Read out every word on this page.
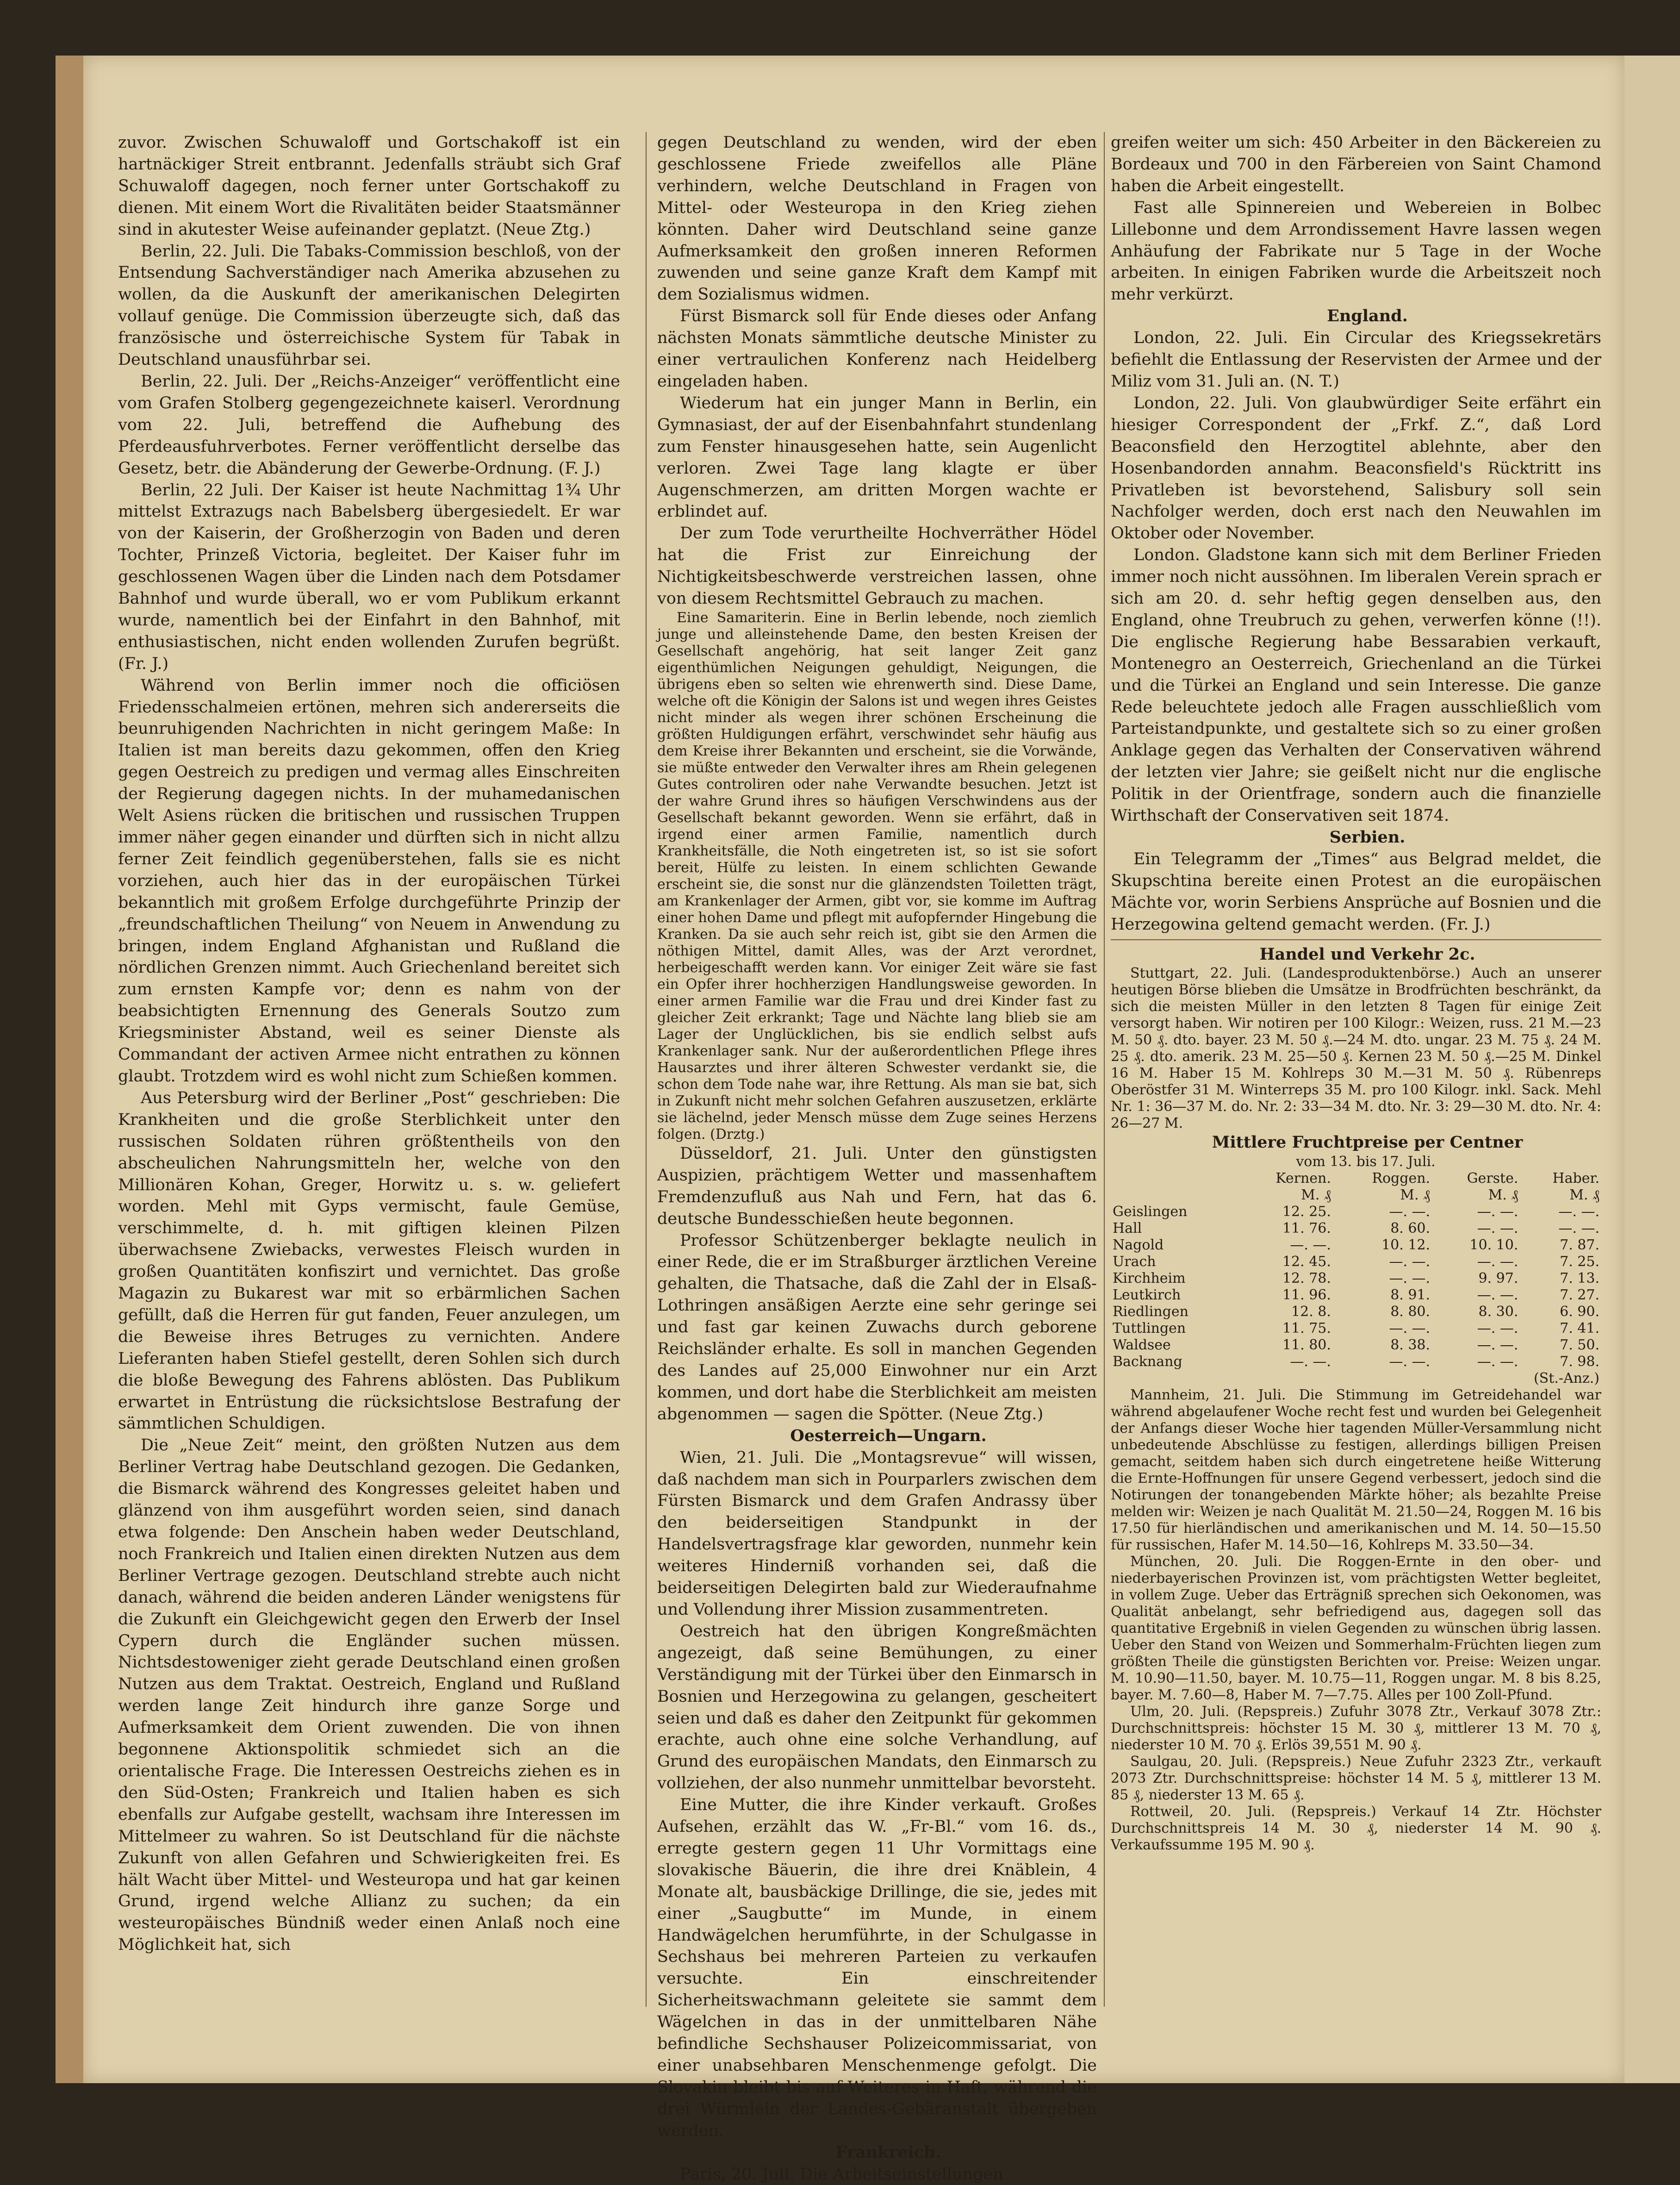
zuvor. Zwischen Schuwaloff und Gortschakoff ist ein hartnäckiger Streit entbrannt. Jedenfalls sträubt sich Graf Schuwaloff dagegen, noch ferner unter Gortschakoff zu dienen. Mit einem Wort die Rivalitäten beider Staatsmänner sind in akutester Weise aufeinander geplatzt. (Neue Ztg.)

Berlin, 22. Juli. Die Tabaks-Commission beschloß, von der Entsendung Sachverständiger nach Amerika abzusehen zu wollen, da die Auskunft der amerikanischen Delegirten vollauf genüge. Die Commission überzeugte sich, daß das französische und österreichische System für Tabak in Deutschland unausführbar sei.

Berlin, 22. Juli. Der „Reichs-Anzeiger“ veröffentlicht eine vom Grafen Stolberg gegengezeichnete kaiserl. Verordnung vom 22. Juli, betreffend die Aufhebung des Pferdeausfuhrverbotes. Ferner veröffentlicht derselbe das Gesetz, betr. die Abänderung der Gewerbe-Ordnung. (F. J.)

Berlin, 22 Juli. Der Kaiser ist heute Nachmittag 1¾ Uhr mittelst Extrazugs nach Babelsberg übergesiedelt. Er war von der Kaiserin, der Großherzogin von Baden und deren Tochter, Prinzeß Victoria, begleitet. Der Kaiser fuhr im geschlossenen Wagen über die Linden nach dem Potsdamer Bahnhof und wurde überall, wo er vom Publikum erkannt wurde, namentlich bei der Einfahrt in den Bahnhof, mit enthusiastischen, nicht enden wollenden Zurufen begrüßt. (Fr. J.)

Während von Berlin immer noch die officiösen Friedensschalmeien ertönen, mehren sich andererseits die beunruhigenden Nachrichten in nicht geringem Maße: In Italien ist man bereits dazu gekommen, offen den Krieg gegen Oestreich zu predigen und vermag alles Einschreiten der Regierung dagegen nichts. In der muhamedanischen Welt Asiens rücken die britischen und russischen Truppen immer näher gegen einander und dürften sich in nicht allzu ferner Zeit feindlich gegenüberstehen, falls sie es nicht vorziehen, auch hier das in der europäischen Türkei bekanntlich mit großem Erfolge durchgeführte Prinzip der „freundschaftlichen Theilung“ von Neuem in Anwendung zu bringen, indem England Afghanistan und Rußland die nördlichen Grenzen nimmt. Auch Griechenland bereitet sich zum ernsten Kampfe vor; denn es nahm von der beabsichtigten Ernennung des Generals Soutzo zum Kriegsminister Abstand, weil es seiner Dienste als Commandant der activen Armee nicht entrathen zu können glaubt. Trotzdem wird es wohl nicht zum Schießen kommen.

Aus Petersburg wird der Berliner „Post“ geschrieben: Die Krankheiten und die große Sterblichkeit unter den russischen Soldaten rühren größtentheils von den abscheulichen Nahrungsmitteln her, welche von den Millionären Kohan, Greger, Horwitz u. s. w. geliefert worden. Mehl mit Gyps vermischt, faule Gemüse, verschimmelte, d. h. mit giftigen kleinen Pilzen überwachsene Zwiebacks, verwestes Fleisch wurden in großen Quantitäten konfiszirt und vernichtet. Das große Magazin zu Bukarest war mit so erbärmlichen Sachen gefüllt, daß die Herren für gut fanden, Feuer anzulegen, um die Beweise ihres Betruges zu vernichten. Andere Lieferanten haben Stiefel gestellt, deren Sohlen sich durch die bloße Bewegung des Fahrens ablösten. Das Publikum erwartet in Entrüstung die rücksichtslose Bestrafung der sämmtlichen Schuldigen.

Die „Neue Zeit“ meint, den größten Nutzen aus dem Berliner Vertrag habe Deutschland gezogen. Die Gedanken, die Bismarck während des Kongresses geleitet haben und glänzend von ihm ausgeführt worden seien, sind danach etwa folgende: Den Anschein haben weder Deutschland, noch Frankreich und Italien einen direkten Nutzen aus dem Berliner Vertrage gezogen. Deutschland strebte auch nicht danach, während die beiden anderen Länder wenigstens für die Zukunft ein Gleichgewicht gegen den Erwerb der Insel Cypern durch die Engländer suchen müssen. Nichtsdestoweniger zieht gerade Deutschland einen großen Nutzen aus dem Traktat. Oestreich, England und Rußland werden lange Zeit hindurch ihre ganze Sorge und Aufmerksamkeit dem Orient zuwenden. Die von ihnen begonnene Aktionspolitik schmiedet sich an die orientalische Frage. Die Interessen Oestreichs ziehen es in den Süd-Osten; Frankreich und Italien haben es sich ebenfalls zur Aufgabe gestellt, wachsam ihre Interessen im Mittelmeer zu wahren. So ist Deutschland für die nächste Zukunft von allen Gefahren und Schwierigkeiten frei. Es hält Wacht über Mittel- und Westeuropa und hat gar keinen Grund, irgend welche Allianz zu suchen; da ein westeuropäisches Bündniß weder einen Anlaß noch eine Möglichkeit hat, sich

gegen Deutschland zu wenden, wird der eben geschlossene Friede zweifellos alle Pläne verhindern, welche Deutschland in Fragen von Mittel- oder Westeuropa in den Krieg ziehen könnten. Daher wird Deutschland seine ganze Aufmerksamkeit den großen inneren Reformen zuwenden und seine ganze Kraft dem Kampf mit dem Sozialismus widmen.

Fürst Bismarck soll für Ende dieses oder Anfang nächsten Monats sämmtliche deutsche Minister zu einer vertraulichen Konferenz nach Heidelberg eingeladen haben.

Wiederum hat ein junger Mann in Berlin, ein Gymnasiast, der auf der Eisenbahnfahrt stundenlang zum Fenster hinausgesehen hatte, sein Augenlicht verloren. Zwei Tage lang klagte er über Augenschmerzen, am dritten Morgen wachte er erblindet auf.

Der zum Tode verurtheilte Hochverräther Hödel hat die Frist zur Einreichung der Nichtigkeitsbeschwerde verstreichen lassen, ohne von diesem Rechtsmittel Gebrauch zu machen.

Eine Samariterin. Eine in Berlin lebende, noch ziemlich junge und alleinstehende Dame, den besten Kreisen der Gesellschaft angehörig, hat seit langer Zeit ganz eigenthümlichen Neigungen gehuldigt, Neigungen, die übrigens eben so selten wie ehrenwerth sind. Diese Dame, welche oft die Königin der Salons ist und wegen ihres Geistes nicht minder als wegen ihrer schönen Erscheinung die größten Huldigungen erfährt, verschwindet sehr häufig aus dem Kreise ihrer Bekannten und erscheint, sie die Vorwände, sie müßte entweder den Verwalter ihres am Rhein gelegenen Gutes controliren oder nahe Verwandte besuchen. Jetzt ist der wahre Grund ihres so häufigen Verschwindens aus der Gesellschaft bekannt geworden. Wenn sie erfährt, daß in irgend einer armen Familie, namentlich durch Krankheitsfälle, die Noth eingetreten ist, so ist sie sofort bereit, Hülfe zu leisten. In einem schlichten Gewande erscheint sie, die sonst nur die glänzendsten Toiletten trägt, am Krankenlager der Armen, gibt vor, sie komme im Auftrag einer hohen Dame und pflegt mit aufopfernder Hingebung die Kranken. Da sie auch sehr reich ist, gibt sie den Armen die nöthigen Mittel, damit Alles, was der Arzt verordnet, herbeigeschafft werden kann. Vor einiger Zeit wäre sie fast ein Opfer ihrer hochherzigen Handlungsweise geworden. In einer armen Familie war die Frau und drei Kinder fast zu gleicher Zeit erkrankt; Tage und Nächte lang blieb sie am Lager der Unglücklichen, bis sie endlich selbst aufs Krankenlager sank. Nur der außerordentlichen Pflege ihres Hausarztes und ihrer älteren Schwester verdankt sie, die schon dem Tode nahe war, ihre Rettung. Als man sie bat, sich in Zukunft nicht mehr solchen Gefahren auszusetzen, erklärte sie lächelnd, jeder Mensch müsse dem Zuge seines Herzens folgen. (Drztg.)

Düsseldorf, 21. Juli. Unter den günstigsten Auspizien, prächtigem Wetter und massenhaftem Fremdenzufluß aus Nah und Fern, hat das 6. deutsche Bundesschießen heute begonnen.

Professor Schützenberger beklagte neulich in einer Rede, die er im Straßburger ärztlichen Vereine gehalten, die Thatsache, daß die Zahl der in Elsaß-Lothringen ansäßigen Aerzte eine sehr geringe sei und fast gar keinen Zuwachs durch geborene Reichsländer erhalte. Es soll in manchen Gegenden des Landes auf 25,000 Einwohner nur ein Arzt kommen, und dort habe die Sterblichkeit am meisten abgenommen — sagen die Spötter. (Neue Ztg.)

Oesterreich—Ungarn.

Wien, 21. Juli. Die „Montagsrevue“ will wissen, daß nachdem man sich in Pourparlers zwischen dem Fürsten Bismarck und dem Grafen Andrassy über den beiderseitigen Standpunkt in der Handelsvertragsfrage klar geworden, nunmehr kein weiteres Hinderniß vorhanden sei, daß die beiderseitigen Delegirten bald zur Wiederaufnahme und Vollendung ihrer Mission zusammentreten.

Oestreich hat den übrigen Kongreßmächten angezeigt, daß seine Bemühungen, zu einer Verständigung mit der Türkei über den Einmarsch in Bosnien und Herzegowina zu gelangen, gescheitert seien und daß es daher den Zeitpunkt für gekommen erachte, auch ohne eine solche Verhandlung, auf Grund des europäischen Mandats, den Einmarsch zu vollziehen, der also nunmehr unmittelbar bevorsteht.

Eine Mutter, die ihre Kinder verkauft. Großes Aufsehen, erzählt das W. „Fr-Bl.“ vom 16. ds., erregte gestern gegen 11 Uhr Vormittags eine slovakische Bäuerin, die ihre drei Knäblein, 4 Monate alt, bausbäckige Drillinge, die sie, jedes mit einer „Saugbutte“ im Munde, in einem Handwägelchen herumführte, in der Schulgasse in Sechshaus bei mehreren Parteien zu verkaufen versuchte. Ein einschreitender Sicherheitswachmann geleitete sie sammt dem Wägelchen in das in der unmittelbaren Nähe befindliche Sechshauser Polizeicommissariat, von einer unabsehbaren Menschenmenge gefolgt. Die Slovakin bleibt bis auf Weiteres in Haft, während die drei Würmlein der Landes-Gebäranstalt übergeben werden.

Frankreich.

Paris, 20. Juli. Die Arbeitseinstellungen

greifen weiter um sich: 450 Arbeiter in den Bäckereien zu Bordeaux und 700 in den Färbereien von Saint Chamond haben die Arbeit eingestellt.

Fast alle Spinnereien und Webereien in Bolbec Lillebonne und dem Arrondissement Havre lassen wegen Anhäufung der Fabrikate nur 5 Tage in der Woche arbeiten. In einigen Fabriken wurde die Arbeitszeit noch mehr verkürzt.

England.

London, 22. Juli. Ein Circular des Kriegssekretärs befiehlt die Entlassung der Reservisten der Armee und der Miliz vom 31. Juli an. (N. T.)

London, 22. Juli. Von glaubwürdiger Seite erfährt ein hiesiger Correspondent der „Frkf. Z.“, daß Lord Beaconsfield den Herzogtitel ablehnte, aber den Hosenbandorden annahm. Beaconsfield's Rücktritt ins Privatleben ist bevorstehend, Salisbury soll sein Nachfolger werden, doch erst nach den Neuwahlen im Oktober oder November.

London. Gladstone kann sich mit dem Berliner Frieden immer noch nicht aussöhnen. Im liberalen Verein sprach er sich am 20. d. sehr heftig gegen denselben aus, den England, ohne Treubruch zu gehen, verwerfen könne (!!). Die englische Regierung habe Bessarabien verkauft, Montenegro an Oesterreich, Griechenland an die Türkei und die Türkei an England und sein Interesse. Die ganze Rede beleuchtete jedoch alle Fragen ausschließlich vom Parteistandpunkte, und gestaltete sich so zu einer großen Anklage gegen das Verhalten der Conservativen während der letzten vier Jahre; sie geißelt nicht nur die englische Politik in der Orientfrage, sondern auch die finanzielle Wirthschaft der Conservativen seit 1874.

Serbien.

Ein Telegramm der „Times“ aus Belgrad meldet, die Skupschtina bereite einen Protest an die europäischen Mächte vor, worin Serbiens Ansprüche auf Bosnien und die Herzegowina geltend gemacht werden. (Fr. J.)

Handel und Verkehr 2c.

Stuttgart, 22. Juli. (Landesproduktenbörse.) Auch an unserer heutigen Börse blieben die Umsätze in Brodfrüchten beschränkt, da sich die meisten Müller in den letzten 8 Tagen für einige Zeit versorgt haben. Wir notiren per 100 Kilogr.: Weizen, russ. 21 M.—23 M. 50 ₰. dto. bayer. 23 M. 50 ₰.—24 M. dto. ungar. 23 M. 75 ₰. 24 M. 25 ₰. dto. amerik. 23 M. 25—50 ₰. Kernen 23 M. 50 ₰.—25 M. Dinkel 16 M. Haber 15 M. Kohlreps 30 M.—31 M. 50 ₰. Rübenreps Oberöstfer 31 M. Winterreps 35 M. pro 100 Kilogr. inkl. Sack. Mehl Nr. 1: 36—37 M. do. Nr. 2: 33—34 M. dto. Nr. 3: 29—30 M. dto. Nr. 4: 26—27 M.

Mittlere Fruchtpreise per Centner

vom 13. bis 17. Juli.

	Kernen.	Roggen.	Gerste.	Haber.
	M. ₰	M. ₰	M. ₰	M. ₰
Geislingen	12. 25.	—. —.	—. —.	—. —.
Hall	11. 76.	8. 60.	—. —.	—. —.
Nagold	—. —.	10. 12.	10. 10.	7. 87.
Urach	12. 45.	—. —.	—. —.	7. 25.
Kirchheim	12. 78.	—. —.	9. 97.	7. 13.
Leutkirch	11. 96.	8. 91.	—. —.	7. 27.
Riedlingen	12. 8.	8. 80.	8. 30.	6. 90.
Tuttlingen	11. 75.	—. —.	—. —.	7. 41.
Waldsee	11. 80.	8. 38.	—. —.	7. 50.
Backnang	—. —.	—. —.	—. —.	7. 98.
(St.-Anz.)				

Mannheim, 21. Juli. Die Stimmung im Getreidehandel war während abgelaufener Woche recht fest und wurden bei Gelegenheit der Anfangs dieser Woche hier tagenden Müller-Versammlung nicht unbedeutende Abschlüsse zu festigen, allerdings billigen Preisen gemacht, seitdem haben sich durch eingetretene heiße Witterung die Ernte-Hoffnungen für unsere Gegend verbessert, jedoch sind die Notirungen der tonangebenden Märkte höher; als bezahlte Preise melden wir: Weizen je nach Qualität M. 21.50—24, Roggen M. 16 bis 17.50 für hierländischen und amerikanischen und M. 14. 50—15.50 für russischen, Hafer M. 14.50—16, Kohlreps M. 33.50—34.

München, 20. Juli. Die Roggen-Ernte in den ober- und niederbayerischen Provinzen ist, vom prächtigsten Wetter begleitet, in vollem Zuge. Ueber das Erträgniß sprechen sich Oekonomen, was Qualität anbelangt, sehr befriedigend aus, dagegen soll das quantitative Ergebniß in vielen Gegenden zu wünschen übrig lassen. Ueber den Stand von Weizen und Sommerhalm-Früchten liegen zum größten Theile die günstigsten Berichten vor. Preise: Weizen ungar. M. 10.90—11.50, bayer. M. 10.75—11, Roggen ungar. M. 8 bis 8.25, bayer. M. 7.60—8, Haber M. 7—7.75. Alles per 100 Zoll-Pfund.

Ulm, 20. Juli. (Repspreis.) Zufuhr 3078 Ztr., Verkauf 3078 Ztr.: Durchschnittspreis: höchster 15 M. 30 ₰, mittlerer 13 M. 70 ₰, niederster 10 M. 70 ₰. Erlös 39,551 M. 90 ₰.

Saulgau, 20. Juli. (Repspreis.) Neue Zufuhr 2323 Ztr., verkauft 2073 Ztr. Durchschnittspreise: höchster 14 M. 5 ₰, mittlerer 13 M. 85 ₰, niederster 13 M. 65 ₰.

Rottweil, 20. Juli. (Repspreis.) Verkauf 14 Ztr. Höchster Durchschnittspreis 14 M. 30 ₰, niederster 14 M. 90 ₰. Verkaufssumme 195 M. 90 ₰.
